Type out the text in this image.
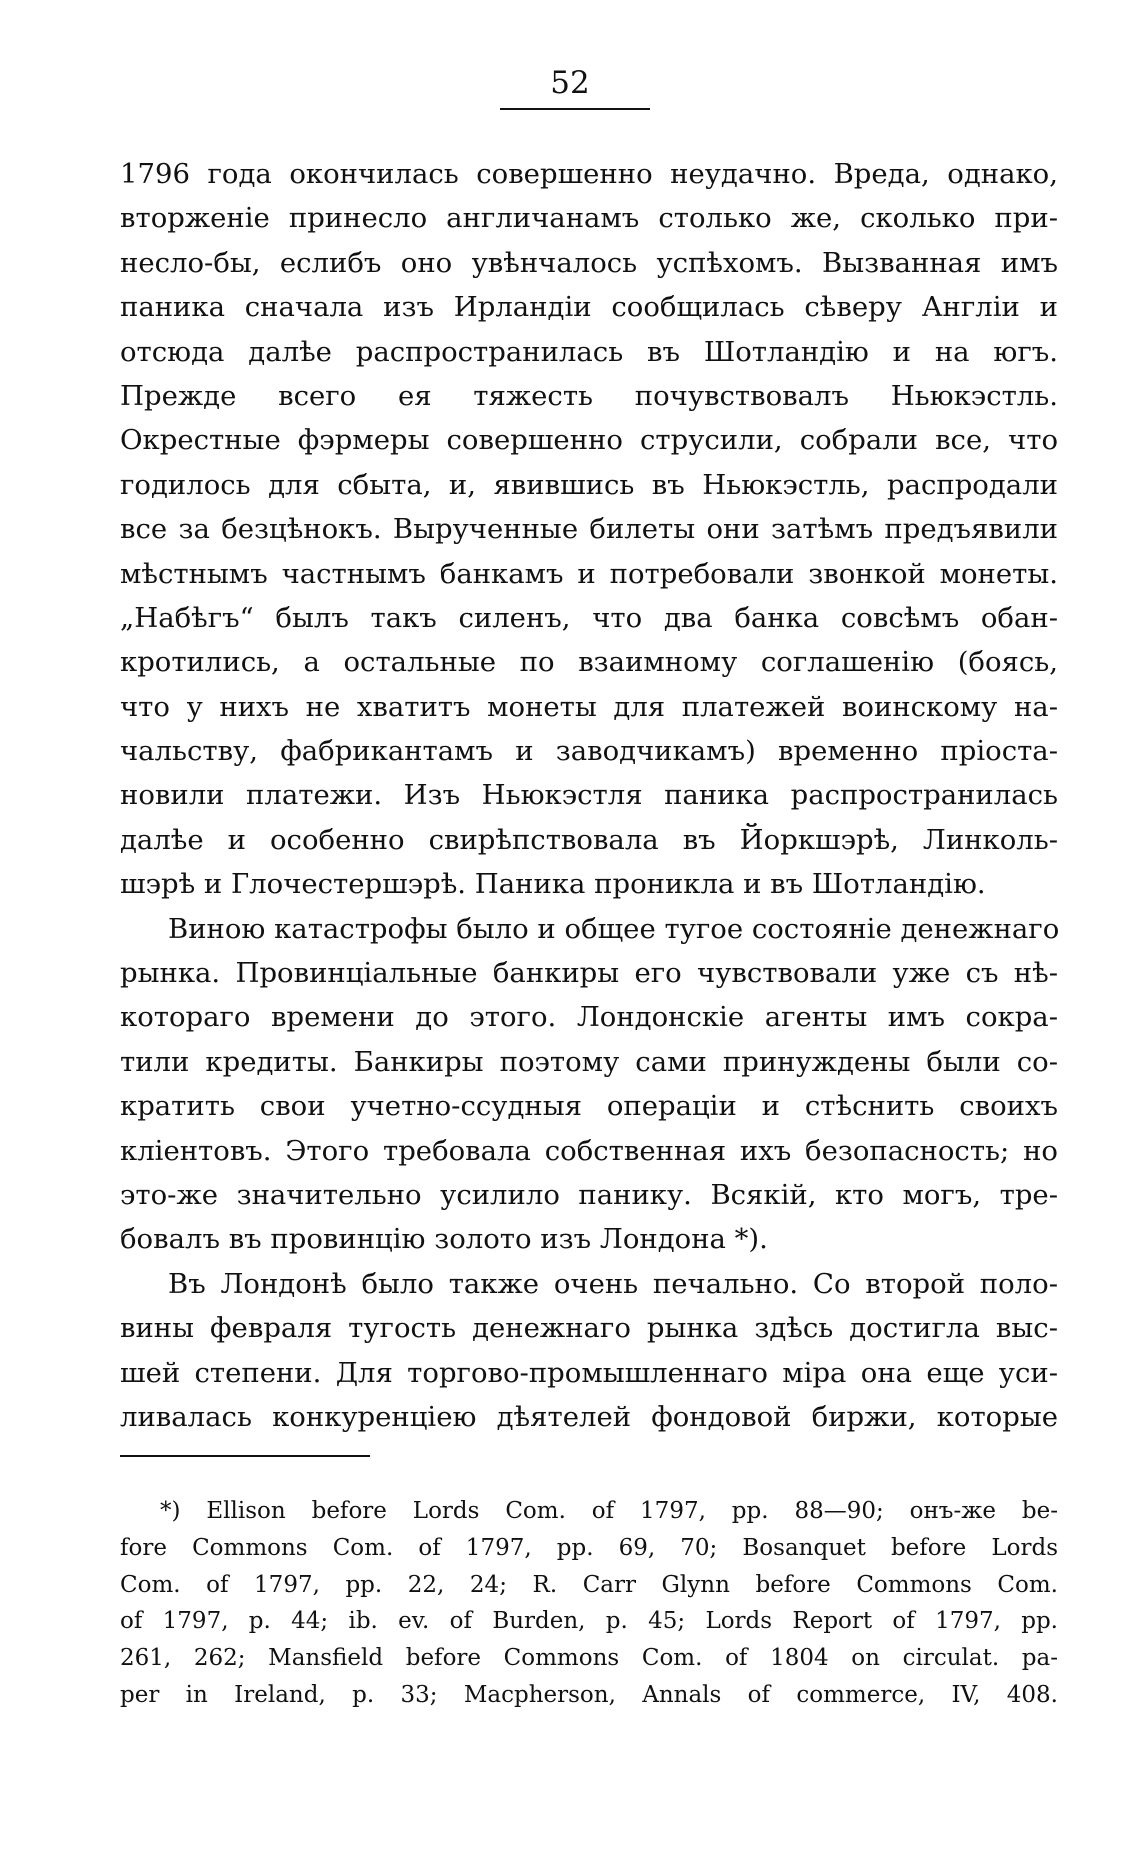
52
1796 года окончилась совершенно неудачно. Вреда, однако,
вторженіе принесло англичанамъ столько же, сколько при-
несло-бы, еслибъ оно увѣнчалось успѣхомъ. Вызванная имъ
паника сначала изъ Ирландіи сообщилась сѣверу Англіи и
отсюда далѣе распространилась въ Шотландію и на югъ.
Прежде всего ея тяжесть почувствовалъ Ньюкэстль.
Окрестные фэрмеры совершенно струсили, собрали все, что
годилось для сбыта, и, явившись въ Ньюкэстль, распродали
все за безцѣнокъ. Вырученные билеты они затѣмъ предъявили
мѣстнымъ частнымъ банкамъ и потребовали звонкой монеты.
„Набѣгъ“ былъ такъ силенъ, что два банка совсѣмъ обан-
кротились, а остальные по взаимному соглашенію (боясь,
что у нихъ не хватитъ монеты для платежей воинскому на-
чальству, фабрикантамъ и заводчикамъ) временно пріоста-
новили платежи. Изъ Ньюкэстля паника распространилась
далѣе и особенно свирѣпствовала въ Йоркшэрѣ, Линколь-
шэрѣ и Глочестершэрѣ. Паника проникла и въ Шотландію.
Виною катастрофы было и общее тугое состояніе денежнаго
рынка. Провинціальные банкиры его чувствовали уже съ нѣ-
котораго времени до этого. Лондонскіе агенты имъ сокра-
тили кредиты. Банкиры поэтому сами принуждены были со-
кратить свои учетно-ссудныя операціи и стѣснить своихъ
кліентовъ. Этого требовала собственная ихъ безопасность; но
это-же значительно усилило панику. Всякій, кто могъ, тре-
бовалъ въ провинцію золото изъ Лондона *).
Въ Лондонѣ было также очень печально. Со второй поло-
вины февраля тугость денежнаго рынка здѣсь достигла выс-
шей степени. Для торгово-промышленнаго міра она еще уси-
ливалась конкуренціею дѣятелей фондовой биржи, которые
*) Ellison before Lords Com. of 1797, pp. 88—90; онъ-же be-
fore Commons Com. of 1797, pp. 69, 70; Bosanquet before Lords
Com. of 1797, pp. 22, 24; R. Carr Glynn before Commons Com.
of 1797, p. 44; ib. ev. of Burden, p. 45; Lords Report of 1797, pp.
261, 262; Mansfield before Commons Com. of 1804 on circulat. pa-
per in Ireland, p. 33; Macpherson, Annals of commerce, IV, 408.
